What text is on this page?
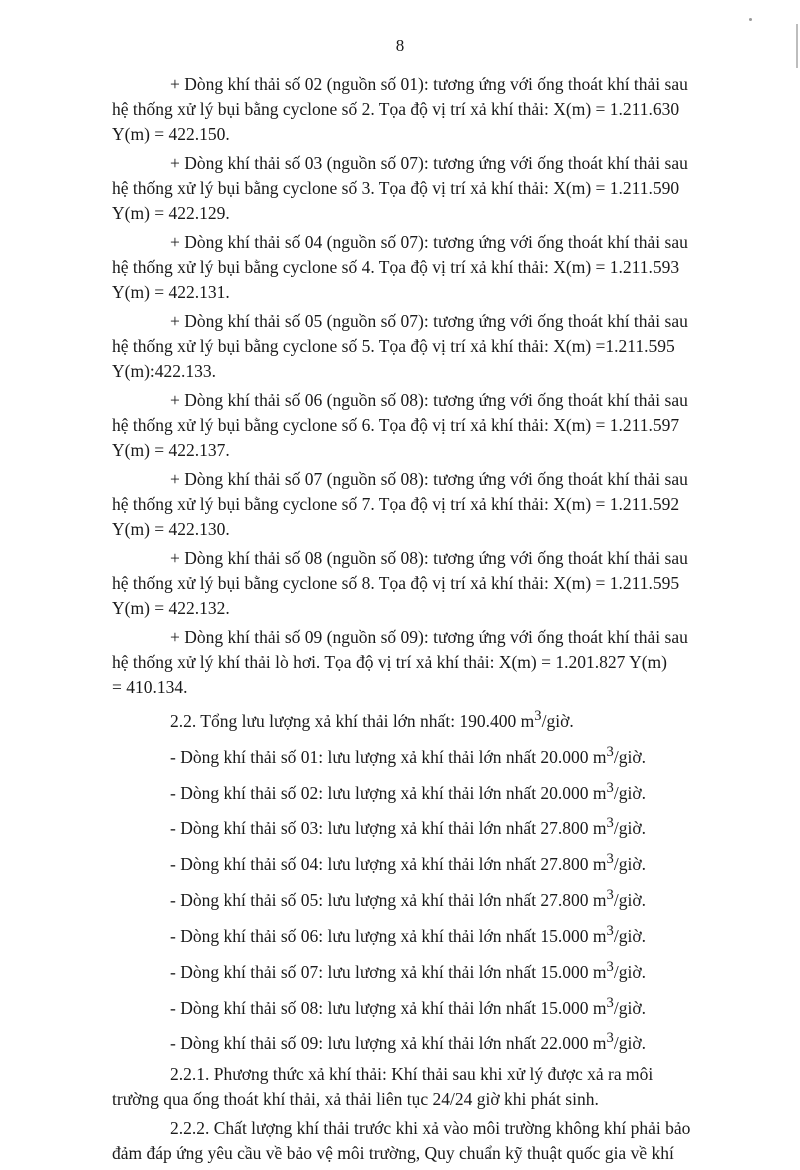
8
+ Dòng khí thải số 02 (nguồn số 01): tương ứng với ống thoát khí thải sau
hệ thống xử lý bụi bằng cyclone số 2. Tọa độ vị trí xả khí thải: X(m) = 1.211.630
Y(m) = 422.150.
+ Dòng khí thải số 03 (nguồn số 07): tương ứng với ống thoát khí thải sau
hệ thống xử lý bụi bằng cyclone số 3. Tọa độ vị trí xả khí thải: X(m) = 1.211.590
Y(m) = 422.129.
+ Dòng khí thải số 04 (nguồn số 07): tương ứng với ống thoát khí thải sau
hệ thống xử lý bụi bằng cyclone số 4. Tọa độ vị trí xả khí thải: X(m) = 1.211.593
Y(m) = 422.131.
+ Dòng khí thải số 05 (nguồn số 07): tương ứng với ống thoát khí thải sau
hệ thống xử lý bụi bằng cyclone số 5. Tọa độ vị trí xả khí thải: X(m) =1.211.595
Y(m):422.133.
+ Dòng khí thải số 06 (nguồn số 08): tương ứng với ống thoát khí thải sau
hệ thống xử lý bụi bằng cyclone số 6. Tọa độ vị trí xả khí thải: X(m) = 1.211.597
Y(m) = 422.137.
+ Dòng khí thải số 07 (nguồn số 08): tương ứng với ống thoát khí thải sau
hệ thống xử lý bụi bằng cyclone số 7. Tọa độ vị trí xả khí thải: X(m) = 1.211.592
Y(m) = 422.130.
+ Dòng khí thải số 08 (nguồn số 08): tương ứng với ống thoát khí thải sau
hệ thống xử lý bụi bằng cyclone số 8. Tọa độ vị trí xả khí thải: X(m) = 1.211.595
Y(m) = 422.132.
+ Dòng khí thải số 09 (nguồn số 09): tương ứng với ống thoát khí thải sau
hệ thống xử lý khí thải lò hơi. Tọa độ vị trí xả khí thải: X(m) = 1.201.827 Y(m)
= 410.134.
2.2. Tổng lưu lượng xả khí thải lớn nhất: 190.400 $m^3$/giờ.
- Dòng khí thải số 01: lưu lượng xả khí thải lớn nhất 20.000 $m^3$/giờ.
- Dòng khí thải số 02: lưu lượng xả khí thải lớn nhất 20.000 $m^3$/giờ.
- Dòng khí thải số 03: lưu lượng xả khí thải lớn nhất 27.800 $m^3$/giờ.
- Dòng khí thải số 04: lưu lượng xả khí thải lớn nhất 27.800 $m^3$/giờ.
- Dòng khí thải số 05: lưu lượng xả khí thải lớn nhất 27.800 $m^3$/giờ.
- Dòng khí thải số 06: lưu lượng xả khí thải lớn nhất 15.000 $m^3$/giờ.
- Dòng khí thải số 07: lưu lương xả khí thải lớn nhất 15.000 $m^3$/giờ.
- Dòng khí thải số 08: lưu lượng xả khí thải lớn nhất 15.000 $m^3$/giờ.
- Dòng khí thải số 09: lưu lượng xả khí thải lớn nhất 22.000 $m^3$/giờ.
2.2.1. Phương thức xả khí thải: Khí thải sau khi xử lý được xả ra môi
trường qua ống thoát khí thải, xả thải liên tục 24/24 giờ khi phát sinh.
2.2.2. Chất lượng khí thải trước khi xả vào môi trường không khí phải bảo
đảm đáp ứng yêu cầu về bảo vệ môi trường, Quy chuẩn kỹ thuật quốc gia về khí
